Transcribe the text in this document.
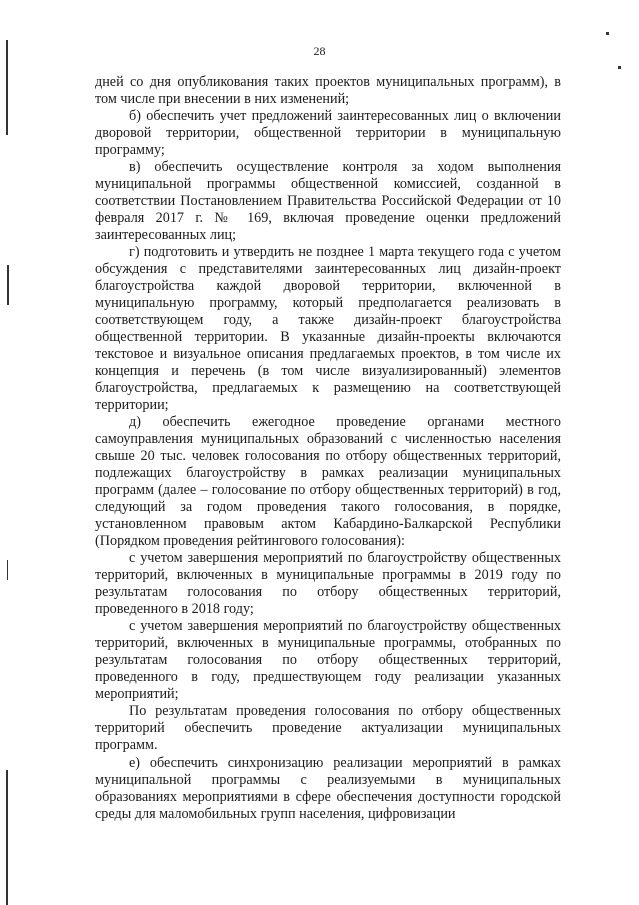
28

дней со дня опубликования таких проектов муниципальных программ), в том числе при внесении в них изменений;

б) обеспечить учет предложений заинтересованных лиц о включении дворовой территории, общественной территории в муниципальную программу;

в) обеспечить осуществление контроля за ходом выполнения муниципальной программы общественной комиссией, созданной в соответствии Постановлением Правительства Российской Федерации от 10 февраля 2017 г. № 169, включая проведение оценки предложений заинтересованных лиц;

г) подготовить и утвердить не позднее 1 марта текущего года с учетом обсуждения с представителями заинтересованных лиц дизайн-проект благоустройства каждой дворовой территории, включенной в муниципальную программу, который предполагается реализовать в соответствующем году, а также дизайн-проект благоустройства общественной территории. В указанные дизайн-проекты включаются текстовое и визуальное описания предлагаемых проектов, в том числе их концепция и перечень (в том числе визуализированный) элементов благоустройства, предлагаемых к размещению на соответствующей территории;

д) обеспечить ежегодное проведение органами местного самоуправления муниципальных образований с численностью населения свыше 20 тыс. человек голосования по отбору общественных территорий, подлежащих благоустройству в рамках реализации муниципальных программ (далее – голосование по отбору общественных территорий) в год, следующий за годом проведения такого голосования, в порядке, установленном правовым актом Кабардино-Балкарской Республики (Порядком проведения рейтингового голосования):

с учетом завершения мероприятий по благоустройству общественных территорий, включенных в муниципальные программы в 2019 году по результатам голосования по отбору общественных территорий, проведенного в 2018 году;

с учетом завершения мероприятий по благоустройству общественных территорий, включенных в муниципальные программы, отобранных по результатам голосования по отбору общественных территорий, проведенного в году, предшествующем году реализации указанных мероприятий;

По результатам проведения голосования по отбору общественных территорий обеспечить проведение актуализации муниципальных программ.

е) обеспечить синхронизацию реализации мероприятий в рамках муниципальной программы с реализуемыми в муниципальных образованиях мероприятиями в сфере обеспечения доступности городской среды для маломобильных групп населения, цифровизации
